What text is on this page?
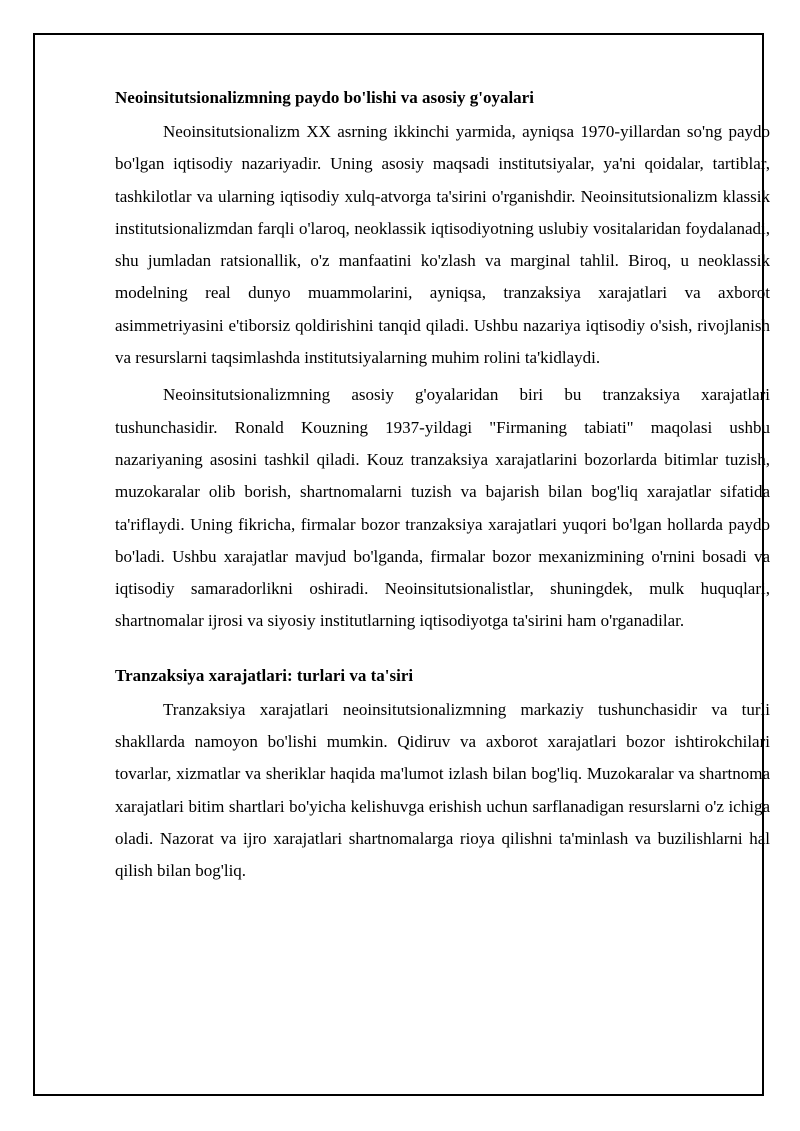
Neoinsitutsionalizmning paydo bo'lishi va asosiy g'oyalari

Neoinsitutsionalizm XX asrning ikkinchi yarmida, ayniqsa 1970-yillardan so'ng paydo bo'lgan iqtisodiy nazariyadir. Uning asosiy maqsadi institutsiyalar, ya'ni qoidalar, tartiblar, tashkilotlar va ularning iqtisodiy xulq-atvorga ta'sirini o'rganishdir. Neoinsitutsionalizm klassik institutsionalizmdan farqli o'laroq, neoklassik iqtisodiyotning uslubiy vositalaridan foydalanadi, shu jumladan ratsionallik, o'z manfaatini ko'zlash va marginal tahlil. Biroq, u neoklassik modelning real dunyo muammolarini, ayniqsa, tranzaksiya xarajatlari va axborot asimmetriyasini e'tiborsiz qoldirishini tanqid qiladi. Ushbu nazariya iqtisodiy o'sish, rivojlanish va resurslarni taqsimlashda institutsiyalarning muhim rolini ta'kidlaydi.

Neoinsitutsionalizmning asosiy g'oyalaridan biri bu tranzaksiya xarajatlari tushunchasidir. Ronald Kouzning 1937-yildagi "Firmaning tabiati" maqolasi ushbu nazariyaning asosini tashkil qiladi. Kouz tranzaksiya xarajatlarini bozorlarda bitimlar tuzish, muzokaralar olib borish, shartnomalarni tuzish va bajarish bilan bog'liq xarajatlar sifatida ta'riflaydi. Uning fikricha, firmalar bozor tranzaksiya xarajatlari yuqori bo'lgan hollarda paydo bo'ladi. Ushbu xarajatlar mavjud bo'lganda, firmalar bozor mexanizmining o'rnini bosadi va iqtisodiy samaradorlikni oshiradi. Neoinsitutsionalistlar, shuningdek, mulk huquqlari, shartnomalar ijrosi va siyosiy institutlarning iqtisodiyotga ta'sirini ham o'rganadilar.

Tranzaksiya xarajatlari: turlari va ta'siri

Tranzaksiya xarajatlari neoinsitutsionalizmning markaziy tushunchasidir va turli shakllarda namoyon bo'lishi mumkin. Qidiruv va axborot xarajatlari bozor ishtirokchilari tovarlar, xizmatlar va sheriklar haqida ma'lumot izlash bilan bog'liq. Muzokaralar va shartnoma xarajatlari bitim shartlari bo'yicha kelishuvga erishish uchun sarflanadigan resurslarni o'z ichiga oladi. Nazorat va ijro xarajatlari shartnomalarga rioya qilishni ta'minlash va buzilishlarni hal qilish bilan bog'liq.
